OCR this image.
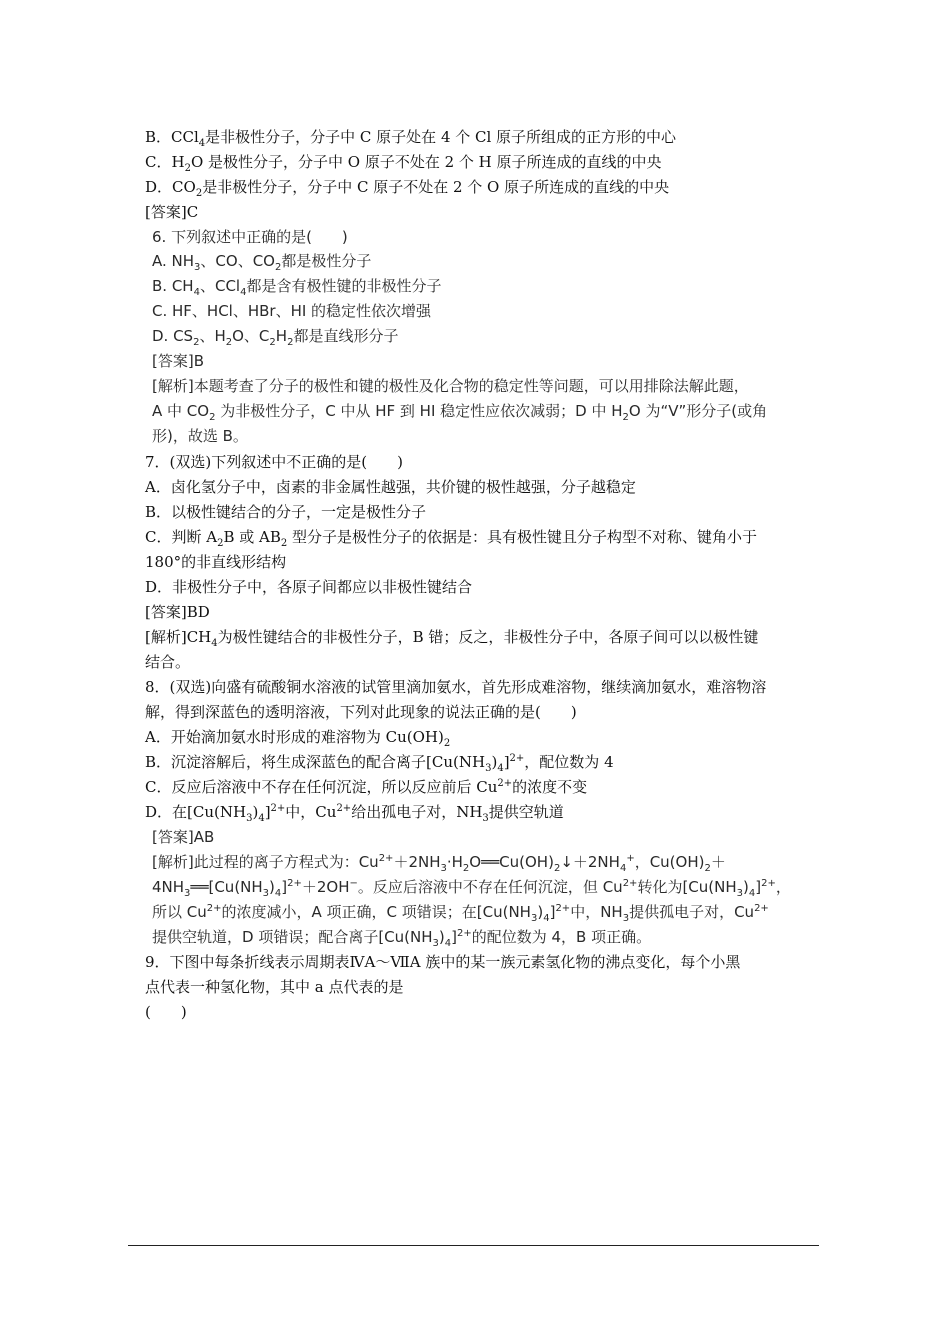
B．CCl$_4$是非极性分子，分子中 C 原子处在 4 个 Cl 原子所组成的正方形的中心
C．$H_2O$ 是极性分子，分子中 O 原子不处在 2 个 H 原子所连成的直线的中央
D．$CO_2$是非极性分子，分子中 C 原子不处在 2 个 O 原子所连成的直线的中央
[答案]C
6. 下列叙述中正确的是(　　)
A. $NH_3$、CO、$CO_2$都是极性分子
B. $CH_4$、CCl$_4$都是含有极性键的非极性分子
C. HF、HCl、HBr、HI 的稳定性依次增强
D. $CS_2$、$H_2O$、$C_2H_2$都是直线形分子
[答案]B
[解析]本题考查了分子的极性和键的极性及化合物的稳定性等问题，可以用排除法解此题，
A 中 $CO_2$ 为非极性分子，C 中从 HF 到 HI 稳定性应依次减弱；D 中 $H_2O$ 为“V”形分子(或角
形)，故选 B。
7．(双选)下列叙述中不正确的是(　　)
A．卤化氢分子中，卤素的非金属性越强，共价键的极性越强，分子越稳定
B．以极性键结合的分子，一定是极性分子
C．判断 $A_2B$ 或 $AB_2$ 型分子是极性分子的依据是：具有极性键且分子构型不对称、键角小于
180°的非直线形结构
D．非极性分子中，各原子间都应以非极性键结合
[答案]BD
[解析]$CH_4$为极性键结合的非极性分子，B 错；反之，非极性分子中，各原子间可以以极性键
结合。
8．(双选)向盛有硫酸铜水溶液的试管里滴加氨水，首先形成难溶物，继续滴加氨水，难溶物溶
解，得到深蓝色的透明溶液，下列对此现象的说法正确的是(　　)
A．开始滴加氨水时形成的难溶物为 $Cu(OH)_2$
B．沉淀溶解后，将生成深蓝色的配合离子$[Cu(NH_3)_4]^{2+}$，配位数为 4
C．反应后溶液中不存在任何沉淀，所以反应前后 $Cu^{2+}$的浓度不变
D．在$[Cu(NH_3)_4]^{2+}$中，$Cu^{2+}$给出孤电子对，$NH_3$提供空轨道
[答案]AB
[解析]此过程的离子方程式为：$Cu^{2+}+2NH_3\cdot H_2O══Cu(OH)_2↓+2NH_4^+$，$Cu(OH)_2+$
$4NH_3══[Cu(NH_3)_4]^{2+}+2OH^-$。反应后溶液中不存在任何沉淀，但 $Cu^{2+}$转化为$[Cu(NH_3)_4]^{2+}$，
所以 $Cu^{2+}$的浓度减小，A 项正确，C 项错误；在$[Cu(NH_3)_4]^{2+}$中，$NH_3$提供孤电子对，$Cu^{2+}$
提供空轨道，D 项错误；配合离子$[Cu(NH_3)_4]^{2+}$的配位数为 4，B 项正确。
9．下图中每条折线表示周期表ⅣA～ⅦA 族中的某一族元素氢化物的沸点变化，每个小黑
点代表一种氢化物，其中 a 点代表的是
(　　)
